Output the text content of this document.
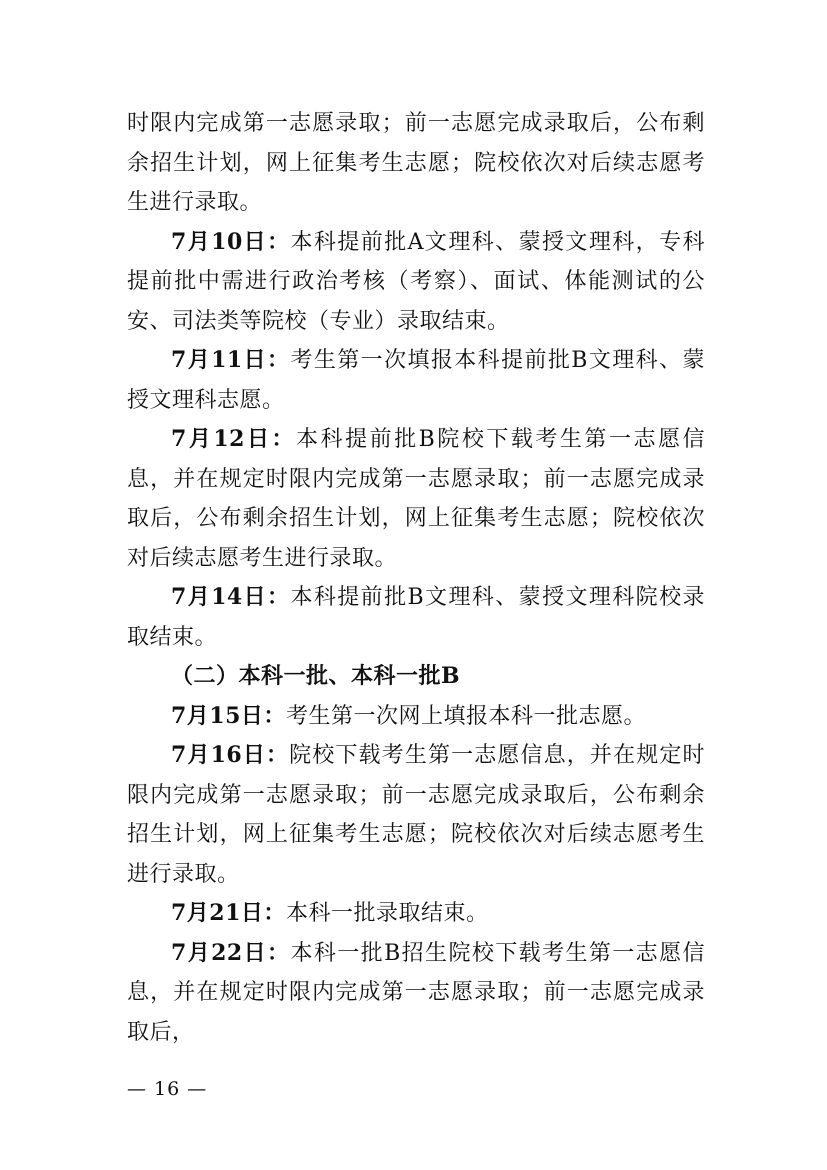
时限内完成第一志愿录取；前一志愿完成录取后，公布剩余招生计划，网上征集考生志愿；院校依次对后续志愿考生进行录取。

7月10日：本科提前批A文理科、蒙授文理科，专科提前批中需进行政治考核（考察）、面试、体能测试的公安、司法类等院校（专业）录取结束。

7月11日：考生第一次填报本科提前批B文理科、蒙授文理科志愿。

7月12日：本科提前批B院校下载考生第一志愿信息，并在规定时限内完成第一志愿录取；前一志愿完成录取后，公布剩余招生计划，网上征集考生志愿；院校依次对后续志愿考生进行录取。

7月14日：本科提前批B文理科、蒙授文理科院校录取结束。

（二）本科一批、本科一批B

7月15日：考生第一次网上填报本科一批志愿。

7月16日：院校下载考生第一志愿信息，并在规定时限内完成第一志愿录取；前一志愿完成录取后，公布剩余招生计划，网上征集考生志愿；院校依次对后续志愿考生进行录取。

7月21日：本科一批录取结束。

7月22日：本科一批B招生院校下载考生第一志愿信息，并在规定时限内完成第一志愿录取；前一志愿完成录取后，

— 16 —
